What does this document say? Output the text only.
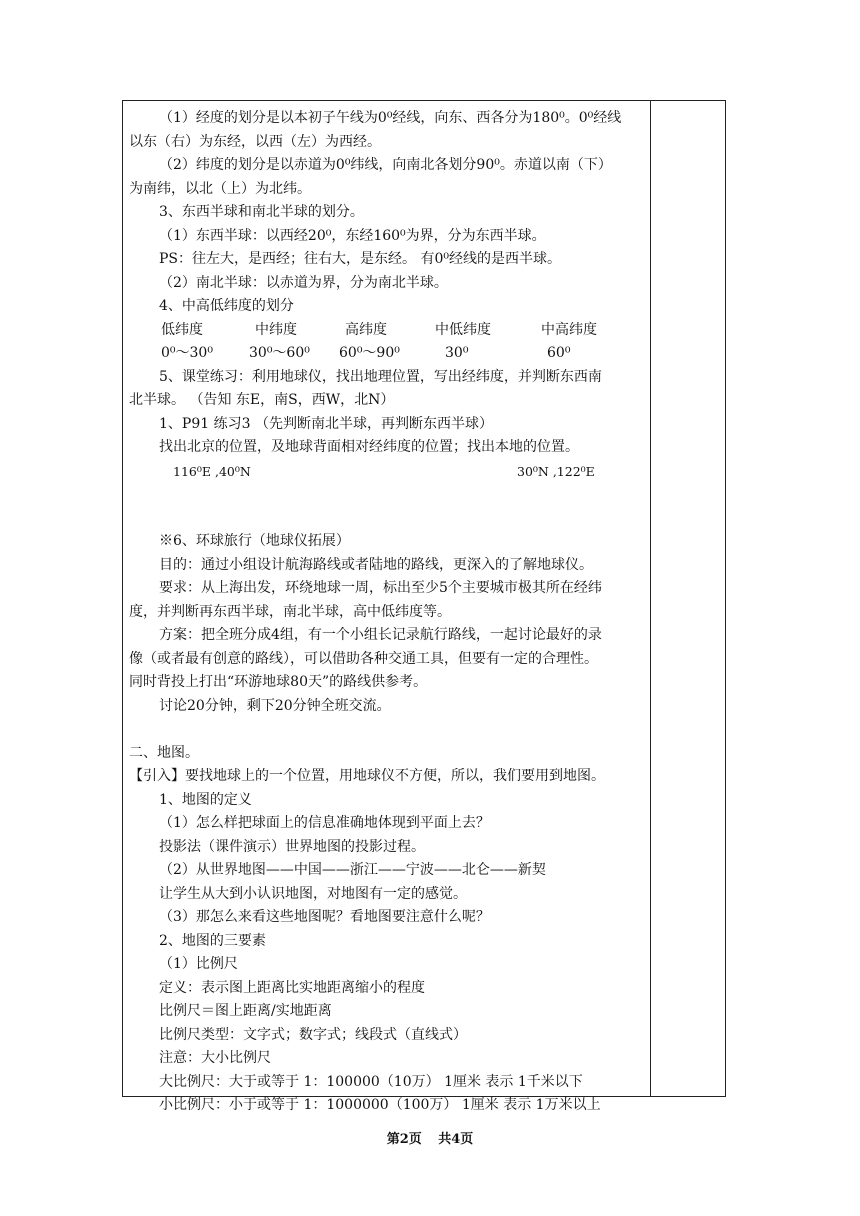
（1）经度的划分是以本初子午线为0⁰经线，向东、西各分为180⁰。0⁰经线
以东（右）为东经，以西（左）为西经。
（2）纬度的划分是以赤道为0⁰纬线，向南北各划分90⁰。赤道以南（下）
为南纬，以北（上）为北纬。
3、东西半球和南北半球的划分。
（1）东西半球：以西经20⁰，东经160⁰为界，分为东西半球。
PS：往左大，是西经；往右大，是东经。 有0⁰经线的是西半球。
（2）南北半球：以赤道为界，分为南北半球。
4、中高低纬度的划分
低纬度	中纬度	高纬度	中低纬度	中高纬度
0⁰～30⁰	30⁰～60⁰ 60⁰～90⁰	30⁰	60⁰
5、课堂练习：利用地球仪，找出地理位置，写出经纬度，并判断东西南
北半球。 （告知 东E，南S，西W，北N）
1、P91 练习3 （先判断南北半球，再判断东西半球）
找出北京的位置，及地球背面相对经纬度的位置；找出本地的位置。
116⁰E ,40⁰N	30⁰N ,122⁰E
※6、环球旅行（地球仪拓展）
目的：通过小组设计航海路线或者陆地的路线，更深入的了解地球仪。
要求：从上海出发，环绕地球一周，标出至少5个主要城市极其所在经纬
度，并判断再东西半球，南北半球，高中低纬度等。
方案：把全班分成4组，有一个小组长记录航行路线，一起讨论最好的录
像（或者最有创意的路线），可以借助各种交通工具，但要有一定的合理性。
同时背投上打出“环游地球80天”的路线供参考。
讨论20分钟，剩下20分钟全班交流。
二、地图。
【引入】要找地球上的一个位置，用地球仪不方便，所以，我们要用到地图。
1、地图的定义
（1）怎么样把球面上的信息准确地体现到平面上去？
投影法（课件演示）世界地图的投影过程。
（2）从世界地图——中国——浙江——宁波——北仑——新契
让学生从大到小认识地图，对地图有一定的感觉。
（3）那怎么来看这些地图呢？看地图要注意什么呢？
2、地图的三要素
（1）比例尺
定义：表示图上距离比实地距离缩小的程度
比例尺＝图上距离/实地距离
比例尺类型：文字式；数字式；线段式（直线式）
注意：大小比例尺
大比例尺：大于或等于 1：100000（10万） 1厘米 表示 1千米以下
小比例尺：小于或等于 1：1000000（100万） 1厘米 表示 1万米以上
第2页 共4页
